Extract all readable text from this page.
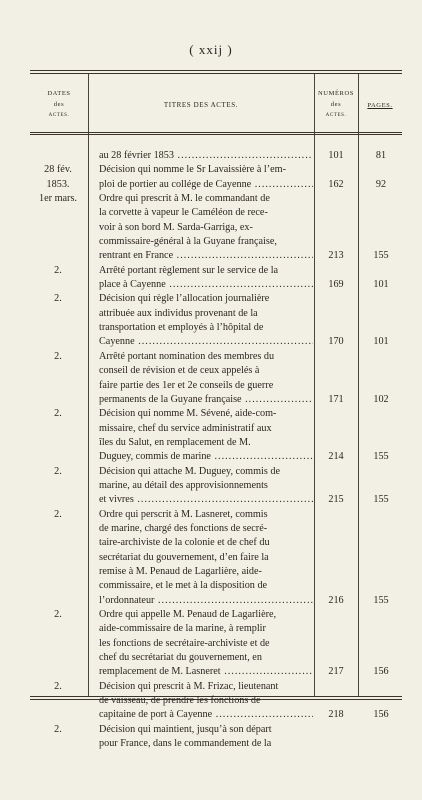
( xxij )
DATES
des
ACTES.
TITRES DES ACTES.
NUMÉROS
des
ACTES.
PAGES.
au 28 février 1853 .....	101	81
28 fév.
1853.
Décision qui nomme le Sr Lavaissière à l’em-
ploi de portier au collége de Cayenne .....	162	92
1er mars.	Ordre qui prescrit à M. le commandant de
la corvette à vapeur le Caméléon de rece-
voir à son bord M. Sarda-Garriga, ex-
commissaire-général à la Guyane française,
rentrant en France .....	213	155
2.	Arrêté portant règlement sur le service de la
place à Cayenne .....	169	101
2.	Décision qui règle l’allocation journalière
attribuée aux individus provenant de la
transportation et employés à l’hôpital de
Cayenne .....	170	101
2.	Arrêté portant nomination des membres du
conseil de révision et de ceux appelés à
faire partie des 1er et 2e conseils de guerre
permanents de la Guyane française .....	171	102
2.	Décision qui nomme M. Sévené, aide-com-
missaire, chef du service administratif aux
îles du Salut, en remplacement de M.
Duguey, commis de marine .....	214	155
2.	Décision qui attache M. Duguey, commis de
marine, au détail des approvisionnements
et vivres .....	215	155
2.	Ordre qui perscrit à M. Lasneret, commis
de marine, chargé des fonctions de secré-
taire-archiviste de la colonie et de chef du
secrétariat du gouvernement, d’en faire la
remise à M. Penaud de Lagarlière, aide-
commissaire, et le met à la disposition de
l’ordonnateur .....	216	155
2.	Ordre qui appelle M. Penaud de Lagarlière,
aide-commissaire de la marine, à remplir
les fonctions de secrétaire-archiviste et de
chef du secrétariat du gouvernement, en
remplacement de M. Lasneret .....	217	156
2.	Décision qui prescrit à M. Frizac, lieutenant
de vaisseau, de prendre les fonctions de
capitaine de port à Cayenne .....	218	156
2.	Décision qui maintient, jusqu’à son départ
pour France, dans le commandement de la
